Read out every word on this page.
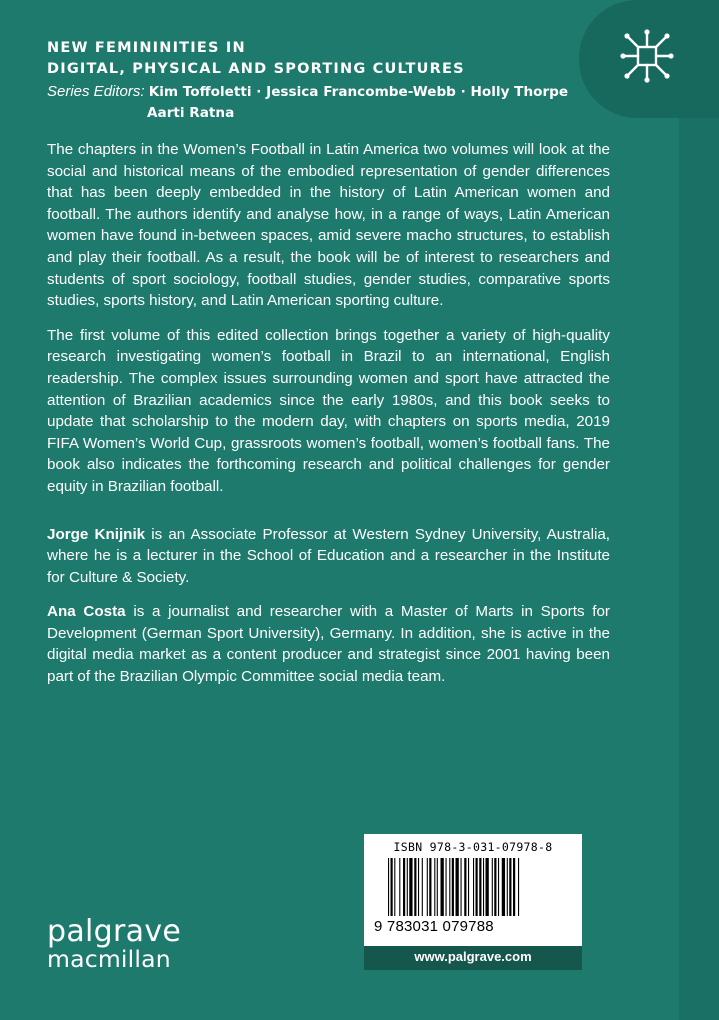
NEW FEMININITIES IN

DIGITAL, PHYSICAL AND SPORTING CULTURES

Series Editors: Kim Toffoletti · Jessica Francombe-Webb · Holly Thorpe
Aarti Ratna

The chapters in the Women’s Football in Latin America two volumes will look at the social and historical means of the embodied representation of gender differences that has been deeply embedded in the history of Latin American women and football. The authors identify and analyse how, in a range of ways, Latin American women have found in-between spaces, amid severe macho structures, to establish and play their football. As a result, the book will be of interest to researchers and students of sport sociology, football studies, gender studies, comparative sports studies, sports history, and Latin American sporting culture.

The first volume of this edited collection brings together a variety of high-quality research investigating women’s football in Brazil to an international, English readership. The complex issues surrounding women and sport have attracted the attention of Brazilian academics since the early 1980s, and this book seeks to update that scholarship to the modern day, with chapters on sports media, 2019 FIFA Women’s World Cup, grassroots women’s football, women’s football fans. The book also indicates the forthcoming research and political challenges for gender equity in Brazilian football.

Jorge Knijnik is an Associate Professor at Western Sydney University, Australia, where he is a lecturer in the School of Education and a researcher in the Institute for Culture & Society.

Ana Costa is a journalist and researcher with a Master of Marts in Sports for Development (German Sport University), Germany. In addition, she is active in the digital media market as a content producer and strategist since 2001 having been part of the Brazilian Olympic Committee social media team.

palgrave
macmillan
ISBN 978-3-031-07978-8
9 783031 079788
www.palgrave.com
